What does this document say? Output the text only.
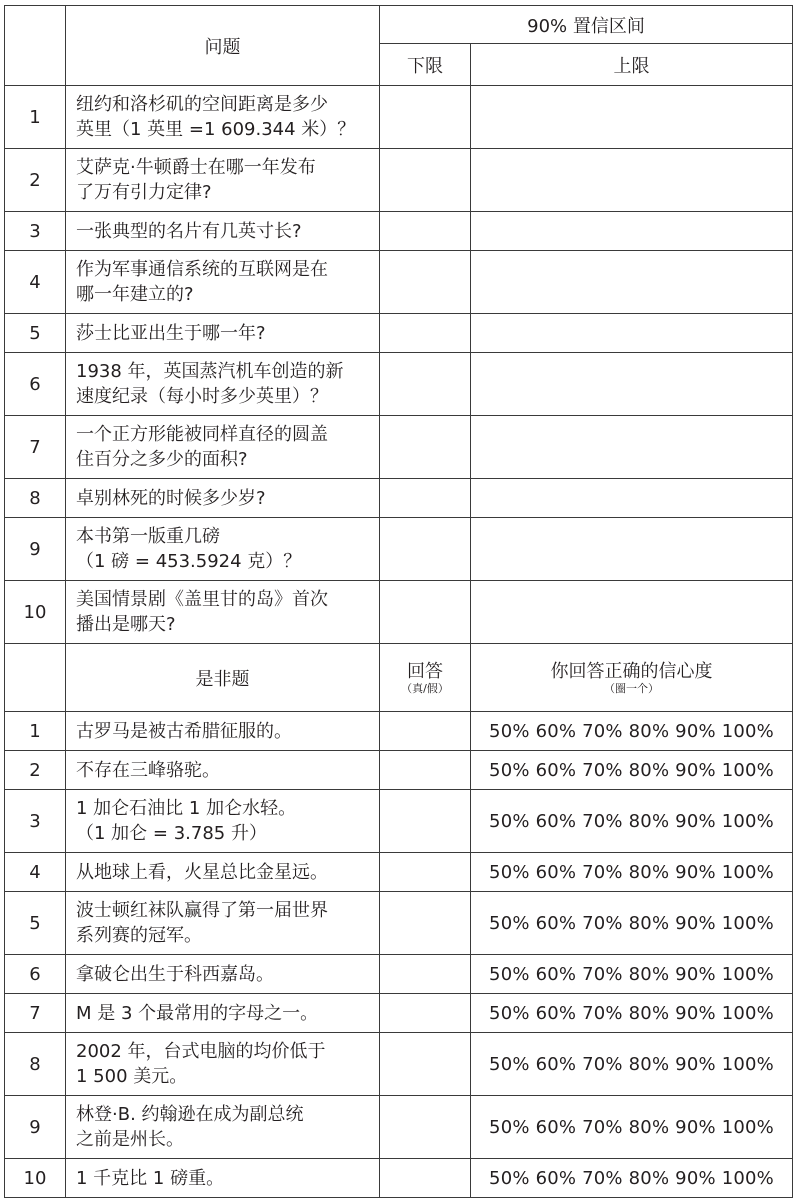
	问题	90% 置信区间	
		下限	上限
1	纽约和洛杉矶的空间距离是多少
英里（1 英里 =1 609.344 米）？		

2	艾萨克·牛顿爵士在哪一年发布
了万有引力定律?		

3	一张典型的名片有几英寸长?		

4	作为军事通信系统的互联网是在
哪一年建立的?		

5	莎士比亚出生于哪一年?		

6	1938 年，英国蒸汽机车创造的新
速度纪录（每小时多少英里）？		

7	一个正方形能被同样直径的圆盖
住百分之多少的面积?		

8	卓别林死的时候多少岁?		

9	本书第一版重几磅
（1 磅 = 453.5924 克）？		

10	美国情景剧《盖里甘的岛》首次
播出是哪天?		

	是非题	回答
（真/假）	你回答正确的信心度
（圈一个）

1	古罗马是被古希腊征服的。		50% 60% 70% 80% 90% 100%
2	不存在三峰骆驼。		50% 60% 70% 80% 90% 100%
3	1 加仑石油比 1 加仑水轻。
（1 加仑 = 3.785 升）		50% 60% 70% 80% 90% 100%
4	从地球上看，火星总比金星远。		50% 60% 70% 80% 90% 100%
5	波士顿红袜队赢得了第一届世界
系列赛的冠军。		50% 60% 70% 80% 90% 100%
6	拿破仑出生于科西嘉岛。		50% 60% 70% 80% 90% 100%
7	M 是 3 个最常用的字母之一。		50% 60% 70% 80% 90% 100%
8	2002 年，台式电脑的均价低于
1 500 美元。		50% 60% 70% 80% 90% 100%
9	林登·B. 约翰逊在成为副总统
之前是州长。		50% 60% 70% 80% 90% 100%
10	1 千克比 1 磅重。		50% 60% 70% 80% 90% 100%
